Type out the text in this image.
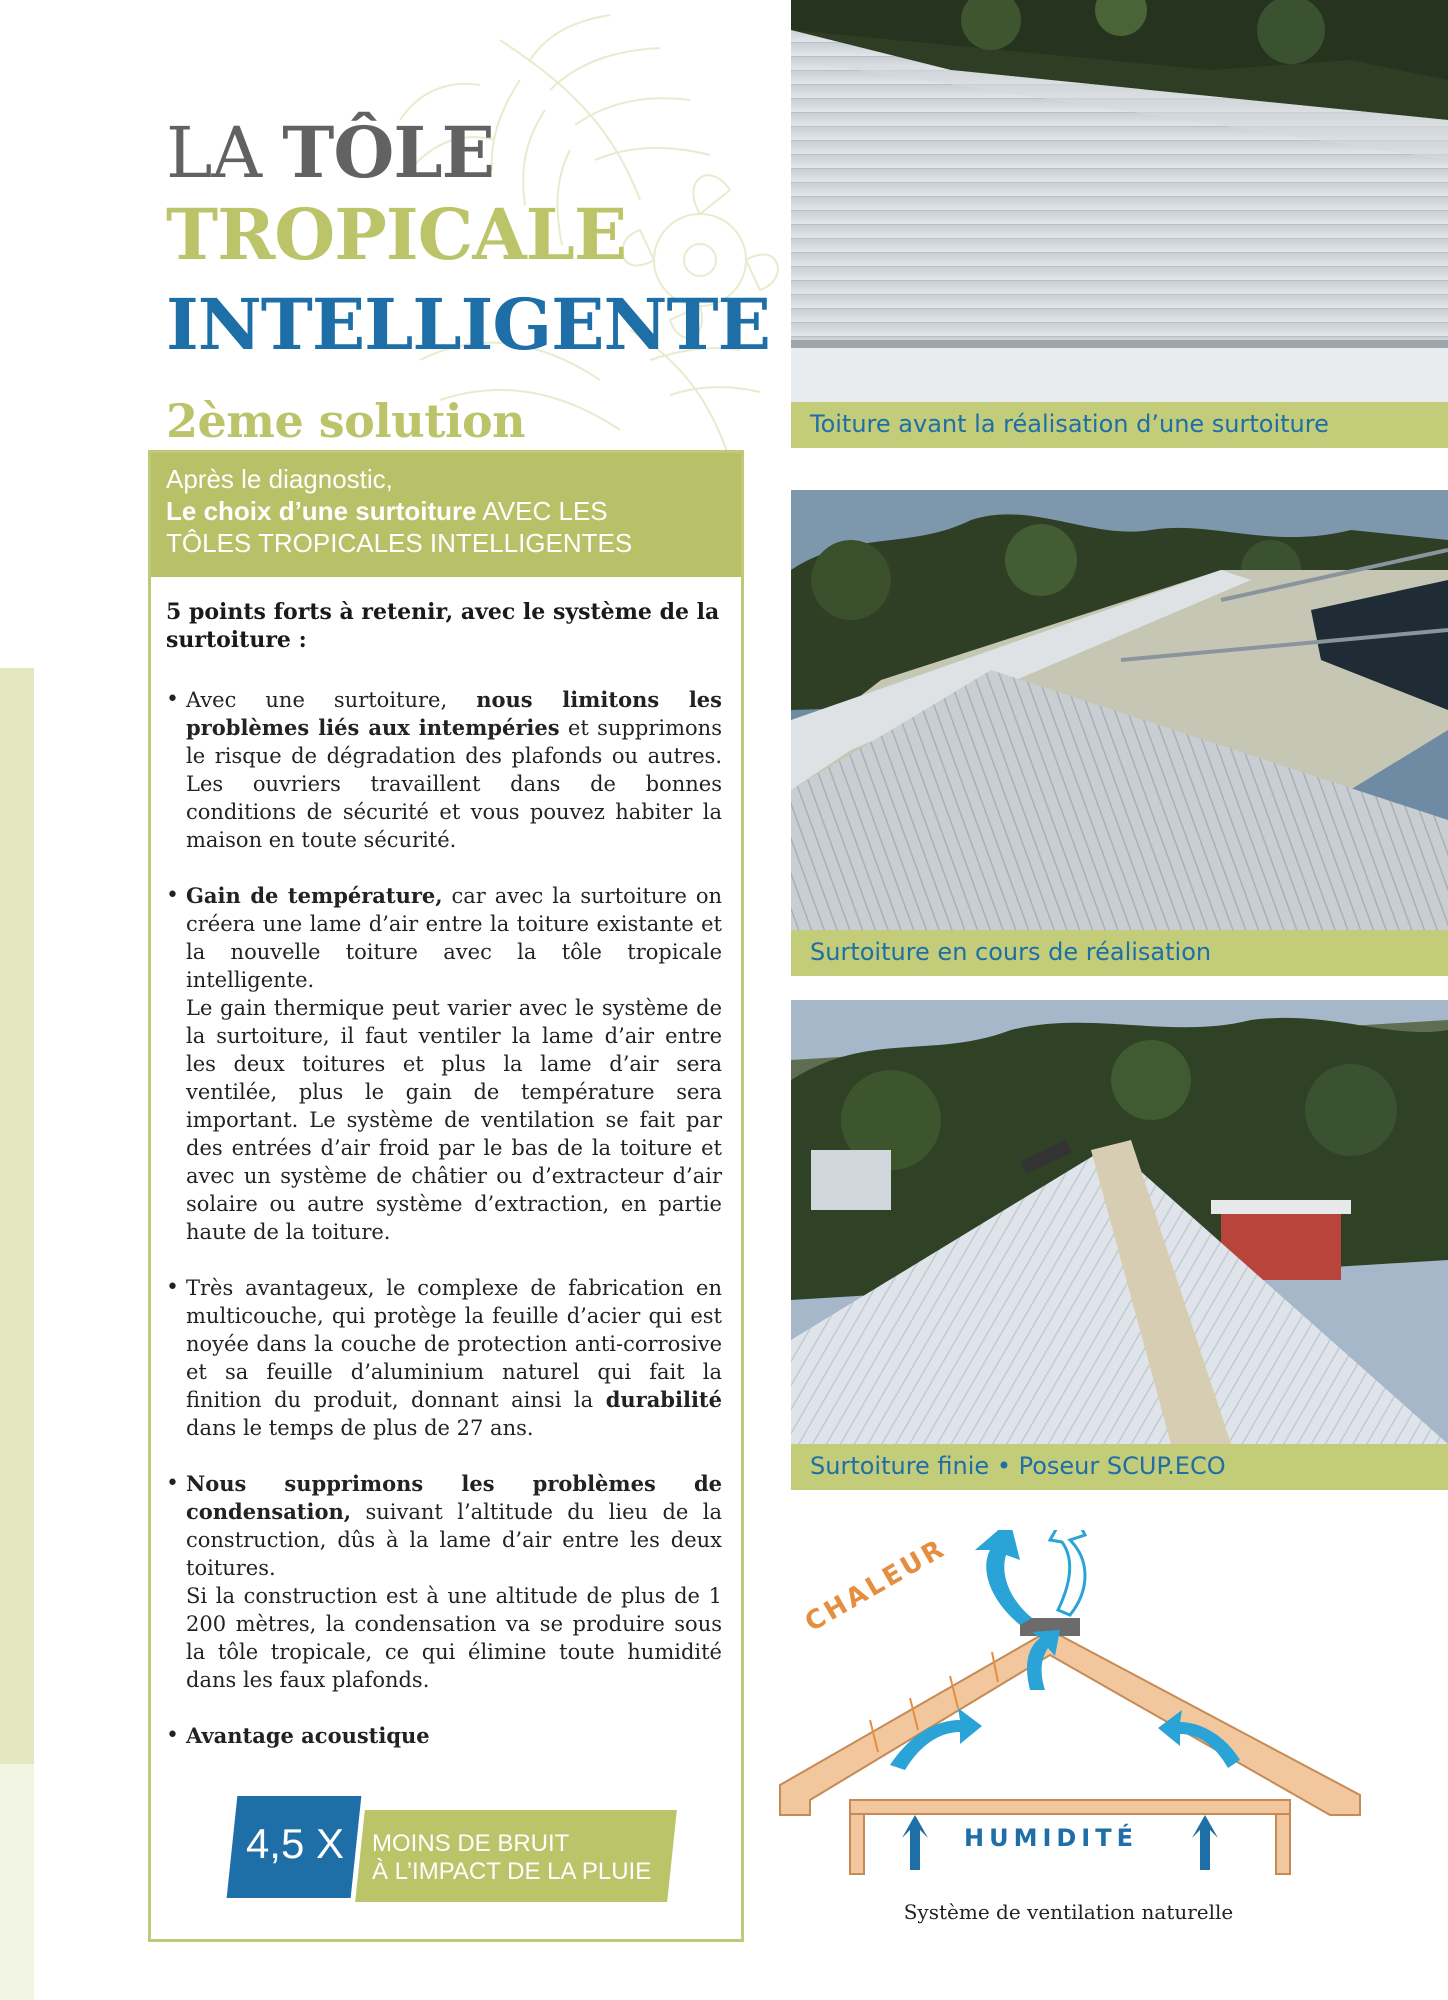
LA TÔLE
TROPICALE
INTELLIGENTE
2ème solution
Après le diagnostic,
Le choix d’une surtoiture AVEC LES
TÔLES TROPICALES INTELLIGENTES
5 points forts à retenir, avec le système de la surtoiture :

• Avec une surtoiture, nous limitons les problèmes liés aux intempéries et supprimons le risque de dégradation des plafonds ou autres. Les ouvriers travaillent dans de bonnes conditions de sécurité et vous pouvez habiter la maison en toute sécurité.

• Gain de température, car avec la surtoiture on créera une lame d’air entre la toiture existante et la nouvelle toiture avec la tôle tropicale intelligente.

Le gain thermique peut varier avec le système de la surtoiture, il faut ventiler la lame d’air entre les deux toitures et plus la lame d’air sera ventilée, plus le gain de température sera important. Le système de ventilation se fait par des entrées d’air froid par le bas de la toiture et avec un système de châtier ou d’extracteur d’air solaire ou autre système d’extraction, en partie haute de la toiture.

• Très avantageux, le complexe de fabrication en multicouche, qui protège la feuille d’acier qui est noyée dans la couche de protection anti-corrosive et sa feuille d’aluminium naturel qui fait la finition du produit, donnant ainsi la durabilité dans le temps de plus de 27 ans.

• Nous supprimons les problèmes de condensation, suivant l’altitude du lieu de la construction, dûs à la lame d’air entre les deux toitures.

Si la construction est à une altitude de plus de 1 200 mètres, la condensation va se produire sous la tôle tropicale, ce qui élimine toute humidité dans les faux plafonds.

• Avantage acoustique

4,5 X	MOINS DE BRUIT
À L’IMPACT DE LA PLUIE
Toiture avant la réalisation d’une surtoiture
Surtoiture en cours de réalisation
Surtoiture finie • Poseur SCUP.ECO
CHALEUR
HUMIDITÉ
Système de ventilation naturelle
